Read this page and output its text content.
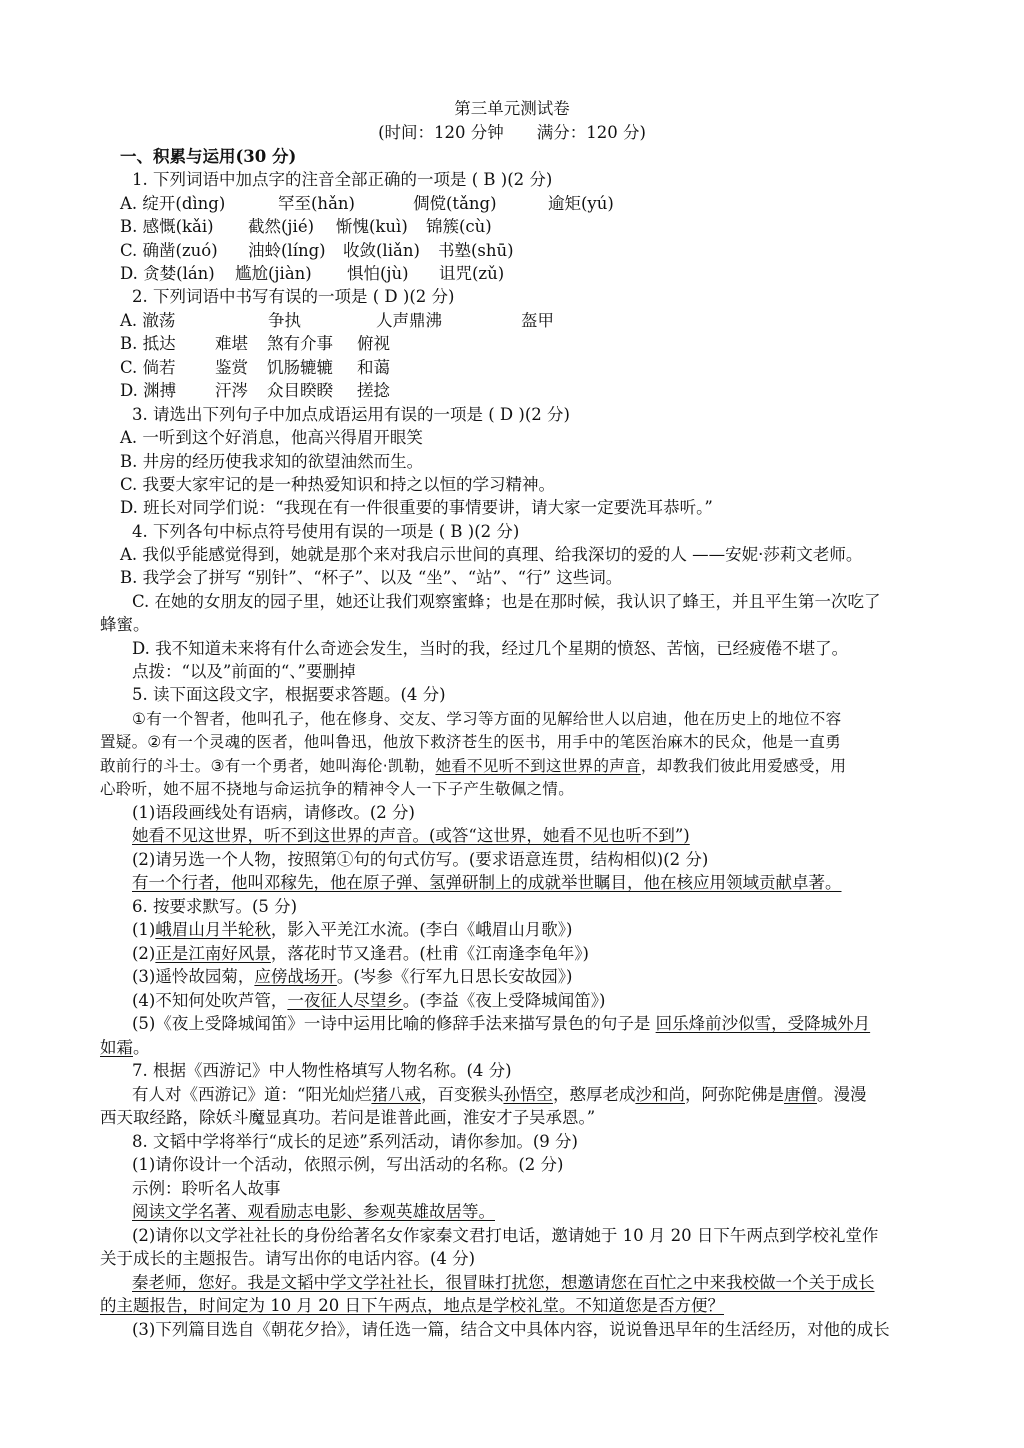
第三单元测试卷
(时间：120 分钟　　满分：120 分)
一、积累与运用(30 分)
1. 下列词语中加点字的注音全部正确的一项是 ( B )(2 分)
A. 绽开(dìng)	罕至(hǎn)	倜傥(tǎng)	逾矩(yú)
B. 感慨(kǎi) 截然(jié) 惭愧(kuì) 锦簇(cù)
C. 确凿(zuó) 油蛉(líng) 收敛(liǎn) 书塾(shū)
D. 贪婪(lán) 尴尬(jiàn) 惧怕(jù) 诅咒(zǔ)
2. 下列词语中书写有误的一项是 ( D )(2 分)
A. 澈荡	争执	人声鼎沸	盔甲
B. 抵达 难堪 煞有介事 俯视
C. 倘若 鉴赏 饥肠辘辘 和蔼
D. 渊搏 汗涔 众目睽睽 搓捻
3. 请选出下列句子中加点成语运用有误的一项是 ( D )(2 分)
A. 一听到这个好消息，他高兴得眉开眼笑
B. 井房的经历使我求知的欲望油然而生。
C. 我要大家牢记的是一种热爱知识和持之以恒的学习精神。
D. 班长对同学们说：“我现在有一件很重要的事情要讲，请大家一定要洗耳恭听。”
4. 下列各句中标点符号使用有误的一项是 ( B )(2 分)
A. 我似乎能感觉得到，她就是那个来对我启示世间的真理、给我深切的爱的人 ——安妮·莎莉文老师。
B. 我学会了拼写 “别针”、“杯子”、以及 “坐”、“站”、“行” 这些词。
C. 在她的女朋友的园子里，她还让我们观察蜜蜂；也是在那时候，我认识了蜂王，并且平生第一次吃了
蜂蜜。
D. 我不知道未来将有什么奇迹会发生，当时的我，经过几个星期的愤怒、苦恼，已经疲倦不堪了。
点拨：“以及”前面的“、”要删掉
5. 读下面这段文字，根据要求答题。(4 分)
①有一个智者，他叫孔子，他在修身、交友、学习等方面的见解给世人以启迪，他在历史上的地位不容
置疑。②有一个灵魂的医者，他叫鲁迅，他放下救济苍生的医书，用手中的笔医治麻木的民众，他是一直勇
敢前行的斗士。③有一个勇者，她叫海伦·凯勒，她看不见听不到这世界的声音，却教我们彼此用爱感受，用
心聆听，她不屈不挠地与命运抗争的精神令人一下子产生敬佩之情。
(1)语段画线处有语病，请修改。(2 分)
她看不见这世界，听不到这世界的声音。(或答“这世界，她看不见也听不到”)
(2)请另选一个人物，按照第①句的句式仿写。(要求语意连贯，结构相似)(2 分)
有一个行者，他叫邓稼先，他在原子弹、氢弹研制上的成就举世瞩目，他在核应用领域贡献卓著。
6. 按要求默写。(5 分)
(1)峨眉山月半轮秋，影入平羌江水流。(李白《峨眉山月歌》)
(2)正是江南好风景，落花时节又逢君。(杜甫《江南逢李龟年》)
(3)遥怜故园菊，应傍战场开。(岑参《行军九日思长安故园》)
(4)不知何处吹芦管，一夜征人尽望乡。(李益《夜上受降城闻笛》)
(5)《夜上受降城闻笛》一诗中运用比喻的修辞手法来描写景色的句子是 回乐烽前沙似雪，受降城外月
如霜。
7. 根据《西游记》中人物性格填写人物名称。(4 分)
有人对《西游记》道：“阳光灿烂猪八戒，百变猴头孙悟空，憨厚老成沙和尚，阿弥陀佛是唐僧。漫漫
西天取经路，除妖斗魔显真功。若问是谁普此画，淮安才子吴承恩。”
8. 文韬中学将举行“成长的足迹”系列活动，请你参加。(9 分)
(1)请你设计一个活动，依照示例，写出活动的名称。(2 分)
示例：聆听名人故事
阅读文学名著、观看励志电影、参观英雄故居等。
(2)请你以文学社社长的身份给著名女作家秦文君打电话，邀请她于 10 月 20 日下午两点到学校礼堂作
关于成长的主题报告。请写出你的电话内容。(4 分)
秦老师，您好。我是文韬中学文学社社长，很冒昧打扰您，想邀请您在百忙之中来我校做一个关于成长
的主题报告，时间定为 10 月 20 日下午两点，地点是学校礼堂。不知道您是否方便？
(3)下列篇目选自《朝花夕拾》，请任选一篇，结合文中具体内容，说说鲁迅早年的生活经历，对他的成长
